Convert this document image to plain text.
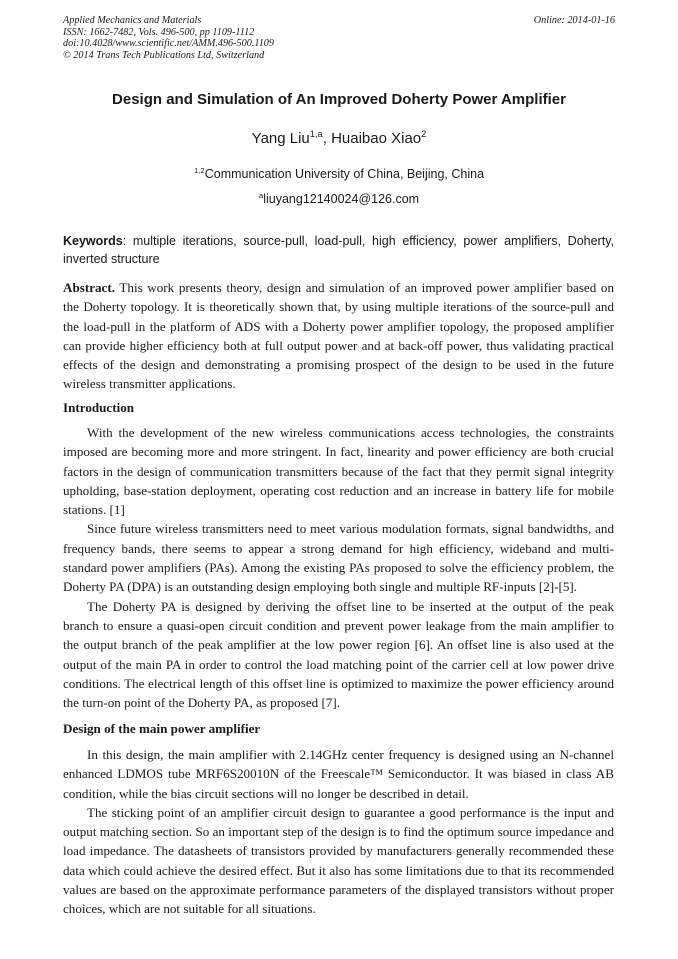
Applied Mechanics and Materials
ISSN: 1662-7482, Vols. 496-500, pp 1109-1112
doi:10.4028/www.scientific.net/AMM.496-500.1109
© 2014 Trans Tech Publications Ltd, Switzerland
Online: 2014-01-16
Design and Simulation of An Improved Doherty Power Amplifier
Yang Liu$^{1,a}$, Huaibao Xiao$^2$
$^{1,2}$Communication University of China, Beijing, China
$^a$liuyang12140024@126.com
Keywords: multiple iterations, source-pull, load-pull, high efficiency, power amplifiers, Doherty, inverted structure

Abstract. This work presents theory, design and simulation of an improved power amplifier based on the Doherty topology. It is theoretically shown that, by using multiple iterations of the source-pull and the load-pull in the platform of ADS with a Doherty power amplifier topology, the proposed amplifier can provide higher efficiency both at full output power and at back-off power, thus validating practical effects of the design and demonstrating a promising prospect of the design to be used in the future wireless transmitter applications.

Introduction

With the development of the new wireless communications access technologies, the constraints imposed are becoming more and more stringent. In fact, linearity and power efficiency are both crucial factors in the design of communication transmitters because of the fact that they permit signal integrity upholding, base-station deployment, operating cost reduction and an increase in battery life for mobile stations. [1]

Since future wireless transmitters need to meet various modulation formats, signal bandwidths, and frequency bands, there seems to appear a strong demand for high efficiency, wideband and multi-standard power amplifiers (PAs). Among the existing PAs proposed to solve the efficiency problem, the Doherty PA (DPA) is an outstanding design employing both single and multiple RF-inputs [2]-[5].

The Doherty PA is designed by deriving the offset line to be inserted at the output of the peak branch to ensure a quasi-open circuit condition and prevent power leakage from the main amplifier to the output branch of the peak amplifier at the low power region [6]. An offset line is also used at the output of the main PA in order to control the load matching point of the carrier cell at low power drive conditions. The electrical length of this offset line is optimized to maximize the power efficiency around the turn-on point of the Doherty PA, as proposed [7].

Design of the main power amplifier

In this design, the main amplifier with 2.14GHz center frequency is designed using an N-channel enhanced LDMOS tube MRF6S20010N of the Freescale™ Semiconductor. It was biased in class AB condition, while the bias circuit sections will no longer be described in detail.

The sticking point of an amplifier circuit design to guarantee a good performance is the input and output matching section. So an important step of the design is to find the optimum source impedance and load impedance. The datasheets of transistors provided by manufacturers generally recommended these data which could achieve the desired effect. But it also has some limitations due to that its recommended values are based on the approximate performance parameters of the displayed transistors without proper choices, which are not suitable for all situations.
